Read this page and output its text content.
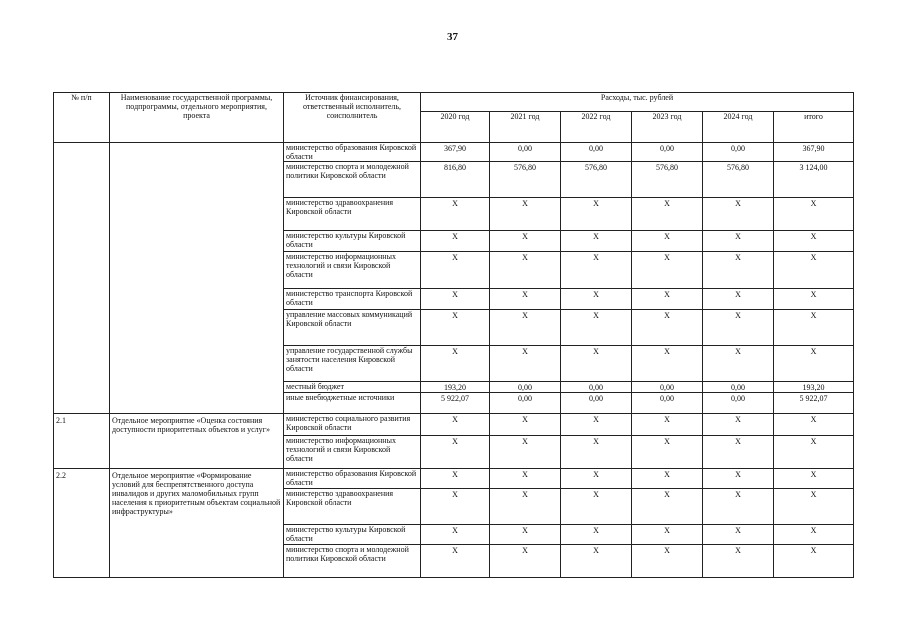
37
№ п/п	Наименование государственной программы, подпрограммы, отдельного мероприятия, проекта	Источник финансирования, ответственный исполнитель, соисполнитель	Расходы, тыс. рублей					
			2020 год	2021 год	2022 год	2023 год	2024 год	итого
		министерство образования Кировской области	367,90	0,00	0,00	0,00	0,00	367,90
		министерство спорта и молодежной политики Кировской области	816,80	576,80	576,80	576,80	576,80	3 124,00
		министерство здравоохранения Кировской области	X	X	X	X	X	X
		министерство культуры Кировской области	X	X	X	X	X	X
		министерство информационных технологий и связи Кировской области	X	X	X	X	X	X
		министерство транспорта Кировской области	X	X	X	X	X	X
		управление массовых коммуникаций Кировской области	X	X	X	X	X	X
		управление государственной службы занятости населения Кировской области	X	X	X	X	X	X
		местный бюджет	193,20	0,00	0,00	0,00	0,00	193,20
		иные внебюджетные источники	5 922,07	0,00	0,00	0,00	0,00	5 922,07
2.1	Отдельное мероприятие «Оценка состояния доступности приоритетных объектов и услуг»	министерство социального развития Кировской области	X	X	X	X	X	X
		министерство информационных технологий и связи Кировской области	X	X	X	X	X	X
2.2	Отдельное мероприятие «Формирование условий для беспрепятственного доступа инвалидов и других маломобильных групп населения к приоритетным объектам социальной инфраструктуры»	министерство образования Кировской области	X	X	X	X	X	X
		министерство здравоохранения Кировской области	X	X	X	X	X	X
		министерство культуры Кировской области	X	X	X	X	X	X
		министерство спорта и молодежной политики Кировской области	X	X	X	X	X	X
